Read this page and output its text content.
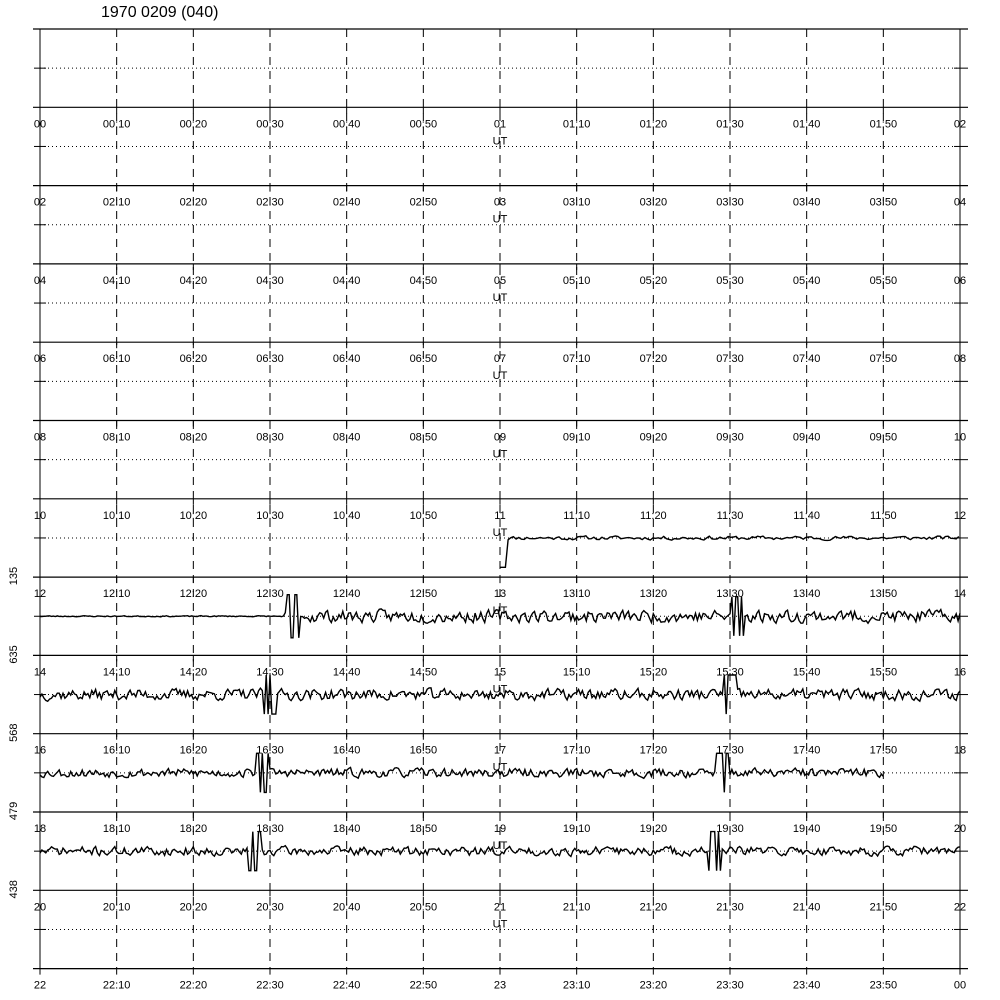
1970 0209 (040)
00	00:10	00:20	00:30	00:40	00:50	01	01:10	01:20	01:30	01:40	01:50	02
UT
02	02:10	02:20	02:30	02:40	02:50	03	03:10	03:20	03:30	03:40	03:50	04
UT
04	04:10	04:20	04:30	04:40	04:50	05	05:10	05:20	05:30	05:40	05:50	06
UT
06	06:10	06:20	06:30	06:40	06:50	07	07:10	07:20	07:30	07:40	07:50	08
UT
08	08:10	08:20	08:30	08:40	08:50	09	09:10	09:20	09:30	09:40	09:50	10
UT
10	10:10	10:20	10:30	10:40	10:50	11	11:10	11:20	11:30	11:40	11:50	12
UT
12	12:10	12:20	12:30	12:40	12:50	13	13:10	13:20	13:30	13:40	13:50	14
UT
135
14	14:10	14:20	14:30	14:40	14:50	15	15:10	15:20	15:30	15:40	15:50	16
UT
635
16	16:10	16:20	16:30	16:40	16:50	17	17:10	17:20	17:30	17:40	17:50	18
UT
568
18	18:10	18:20	18:30	18:40	18:50	19	19:10	19:20	19:30	19:40	19:50	20
UT
479
20	20:10	20:20	20:30	20:40	20:50	21	21:10	21:20	21:30	21:40	21:50	22
UT
438
22	22:10	22:20	22:30	22:40	22:50	23	23:10	23:20	23:30	23:40	23:50	00
